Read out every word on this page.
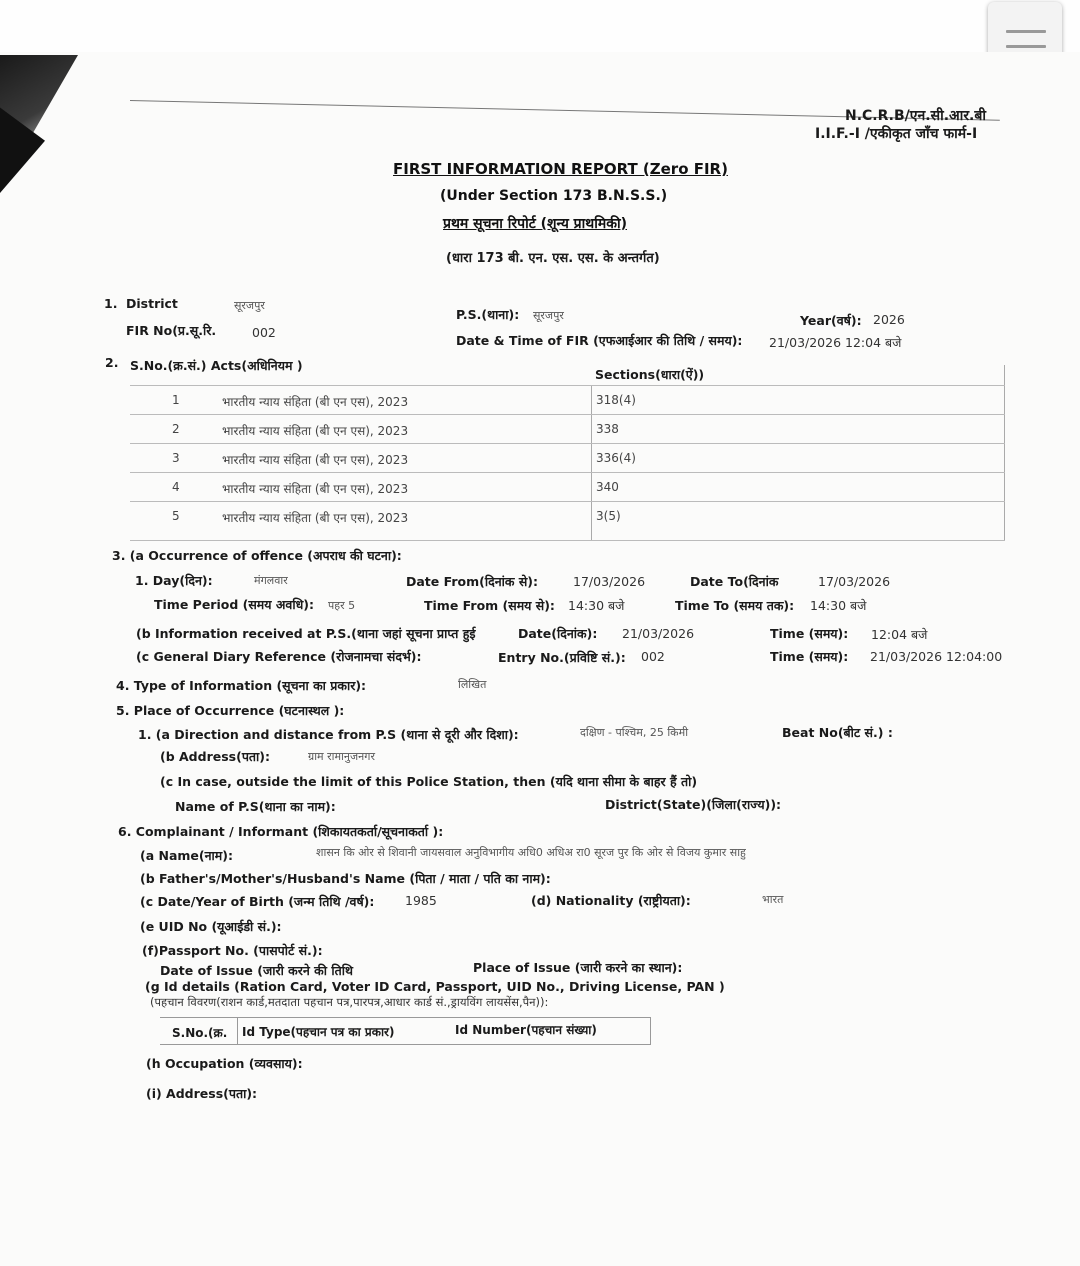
N.C.R.B/एन.सी.आर.बी
I.I.F.-I /एकीकृत जाँच फार्म-I
FIRST INFORMATION REPORT (Zero FIR)
(Under Section 173 B.N.S.S.)
प्रथम सूचना रिपोर्ट (शून्य प्राथमिकी)
(धारा 173 बी. एन. एस. एस. के अन्तर्गत)
1. District	सूरजपुर
P.S.(थाना): सूरजपुर	Year(वर्ष): 2026
FIR No(प्र.सू.रि.	002
Date & Time of FIR (एफआईआर की तिथि / समय): 21/03/2026 12:04 बजे
2. S.No.(क्र.सं.) Acts(अधिनियम )
Sections(धारा(ऐं))
1	भारतीय न्याय संहिता (बी एन एस), 2023	318(4)
2	भारतीय न्याय संहिता (बी एन एस), 2023	338
3	भारतीय न्याय संहिता (बी एन एस), 2023	336(4)
4	भारतीय न्याय संहिता (बी एन एस), 2023	340
5	भारतीय न्याय संहिता (बी एन एस), 2023	3(5)
3. (a Occurrence of offence (अपराध की घटना):
1. Day(दिन):	मंगलवार	Date From(दिनांक से):	17/03/2026	Date To(दिनांक	17/03/2026
Time Period (समय अवधि): पहर 5	Time From (समय से): 14:30 बजे	Time To (समय तक): 14:30 बजे
(b Information received at P.S.(थाना जहां सूचना प्राप्त हुई	Date(दिनांक): 21/03/2026	Time (समय): 12:04 बजे
(c General Diary Reference (रोजनामचा संदर्भ):	Entry No.(प्रविष्टि सं.): 002	Time (समय): 21/03/2026 12:04:00
4. Type of Information (सूचना का प्रकार):	लिखित
5. Place of Occurrence (घटनास्थल ):
1. (a Direction and distance from P.S (थाना से दूरी और दिशा):	दक्षिण - पश्चिम, 25 किमी	Beat No(बीट सं.) :
(b Address(पता):	ग्राम रामानुजनगर
(c In case, outside the limit of this Police Station, then (यदि थाना सीमा के बाहर हैं तो)
Name of P.S(थाना का नाम):	District(State)(जिला(राज्य)):
6. Complainant / Informant (शिकायतकर्ता/सूचनाकर्ता ):
(a Name(नाम):	शासन कि ओर से शिवानी जायसवाल अनुविभागीय अधि0 अधिअ रा0 सूरज पुर कि ओर से विजय कुमार साहु
(b Father's/Mother's/Husband's Name (पिता / माता / पति का नाम):
(c Date/Year of Birth (जन्म तिथि /वर्ष): 1985	(d) Nationality (राष्ट्रीयता):	भारत
(e UID No (यूआईडी सं.):
(f)Passport No. (पासपोर्ट सं.):
Date of Issue (जारी करने की तिथि	Place of Issue (जारी करने का स्थान):
(g Id details (Ration Card, Voter ID Card, Passport, UID No., Driving License, PAN )
(पहचान विवरण(राशन कार्ड,मतदाता पहचान पत्र,पारपत्र,आधार कार्ड सं.,ड्रायविंग लायसेंस,पैन)):
S.No.(क्र. Id Type(पहचान पत्र का प्रकार)	Id Number(पहचान संख्या)
(h Occupation (व्यवसाय):
(i) Address(पता):
